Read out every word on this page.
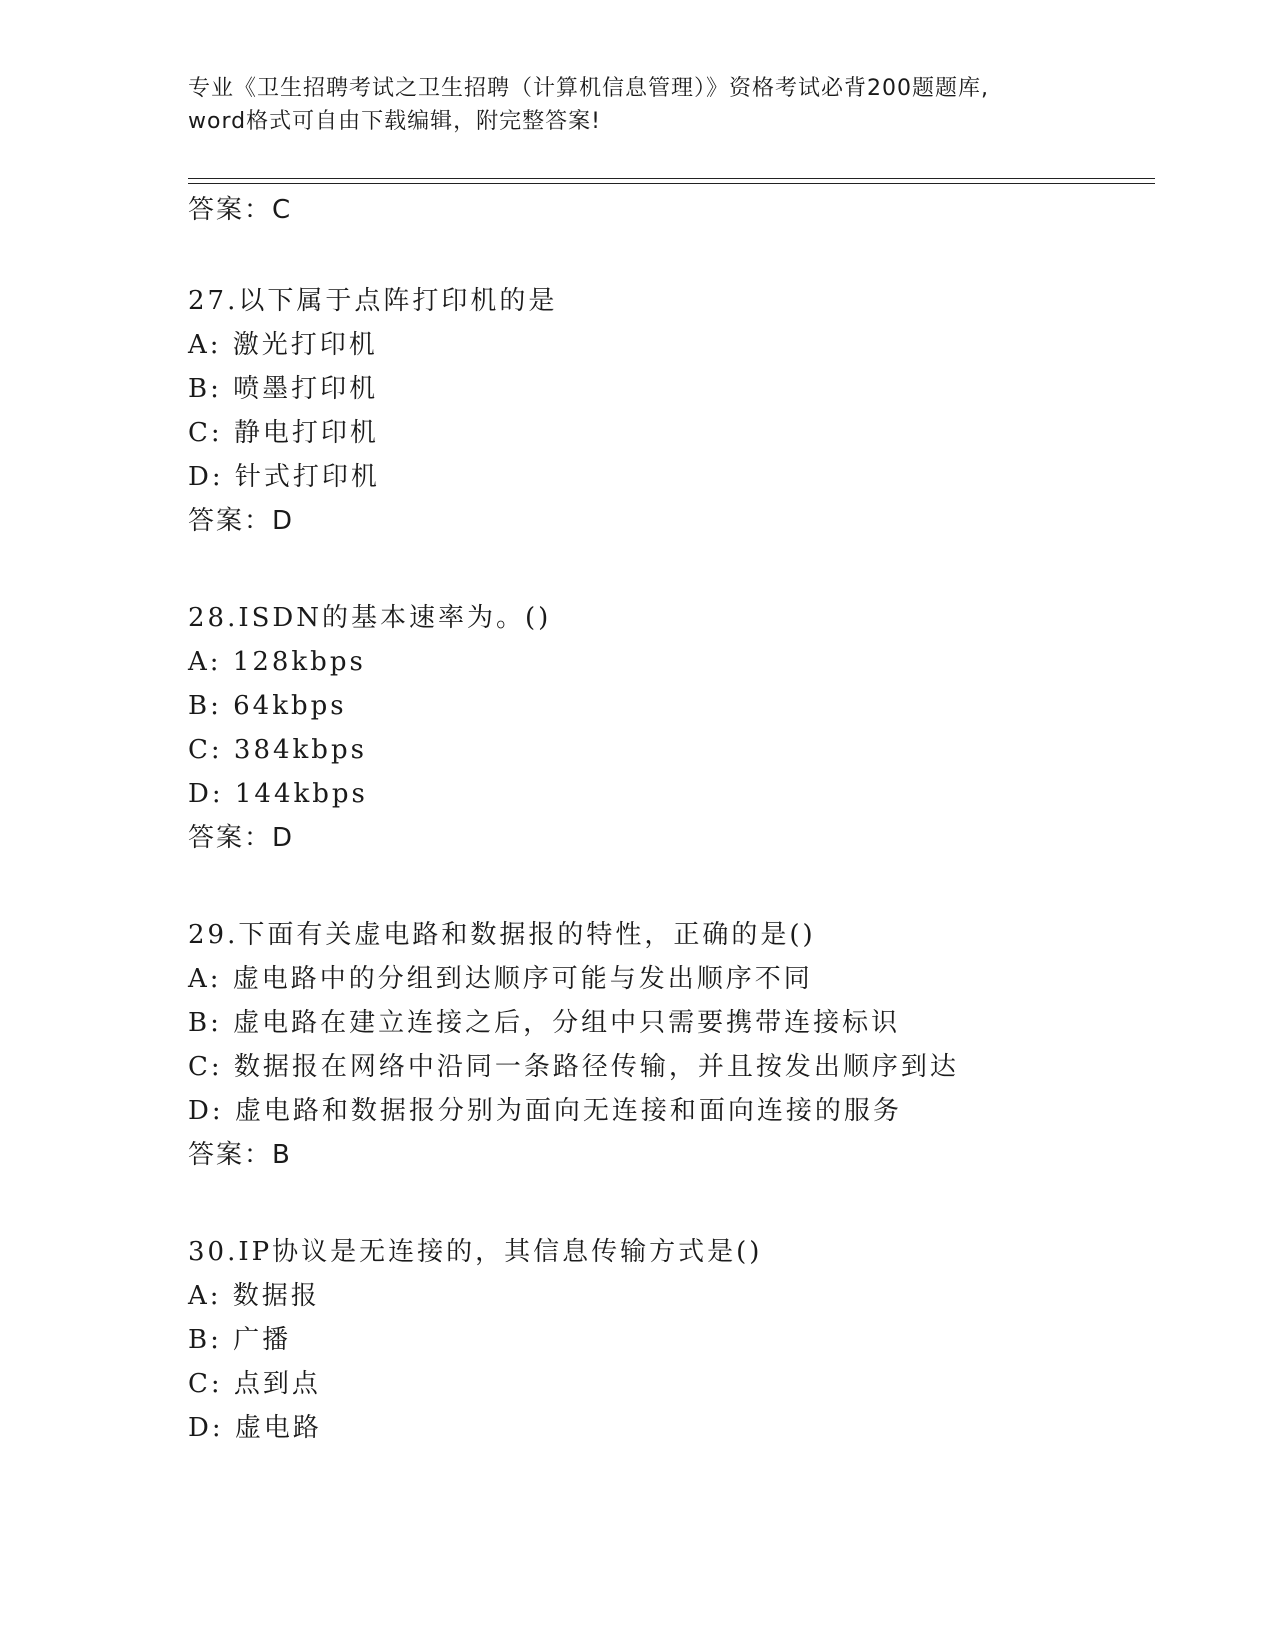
专业《卫生招聘考试之卫生招聘（计算机信息管理）》资格考试必背200题题库,
word格式可自由下载编辑，附完整答案!
答案：C
27.以下属于点阵打印机的是
A: 激光打印机
B: 喷墨打印机
C: 静电打印机
D: 针式打印机
答案：D
28.ISDN的基本速率为。()
A: 128kbps
B: 64kbps
C: 384kbps
D: 144kbps
答案：D
29.下面有关虚电路和数据报的特性，正确的是()
A: 虚电路中的分组到达顺序可能与发出顺序不同
B: 虚电路在建立连接之后，分组中只需要携带连接标识
C: 数据报在网络中沿同一条路径传输，并且按发出顺序到达
D: 虚电路和数据报分别为面向无连接和面向连接的服务
答案：B
30.IP协议是无连接的，其信息传输方式是()
A: 数据报
B: 广播
C: 点到点
D: 虚电路
